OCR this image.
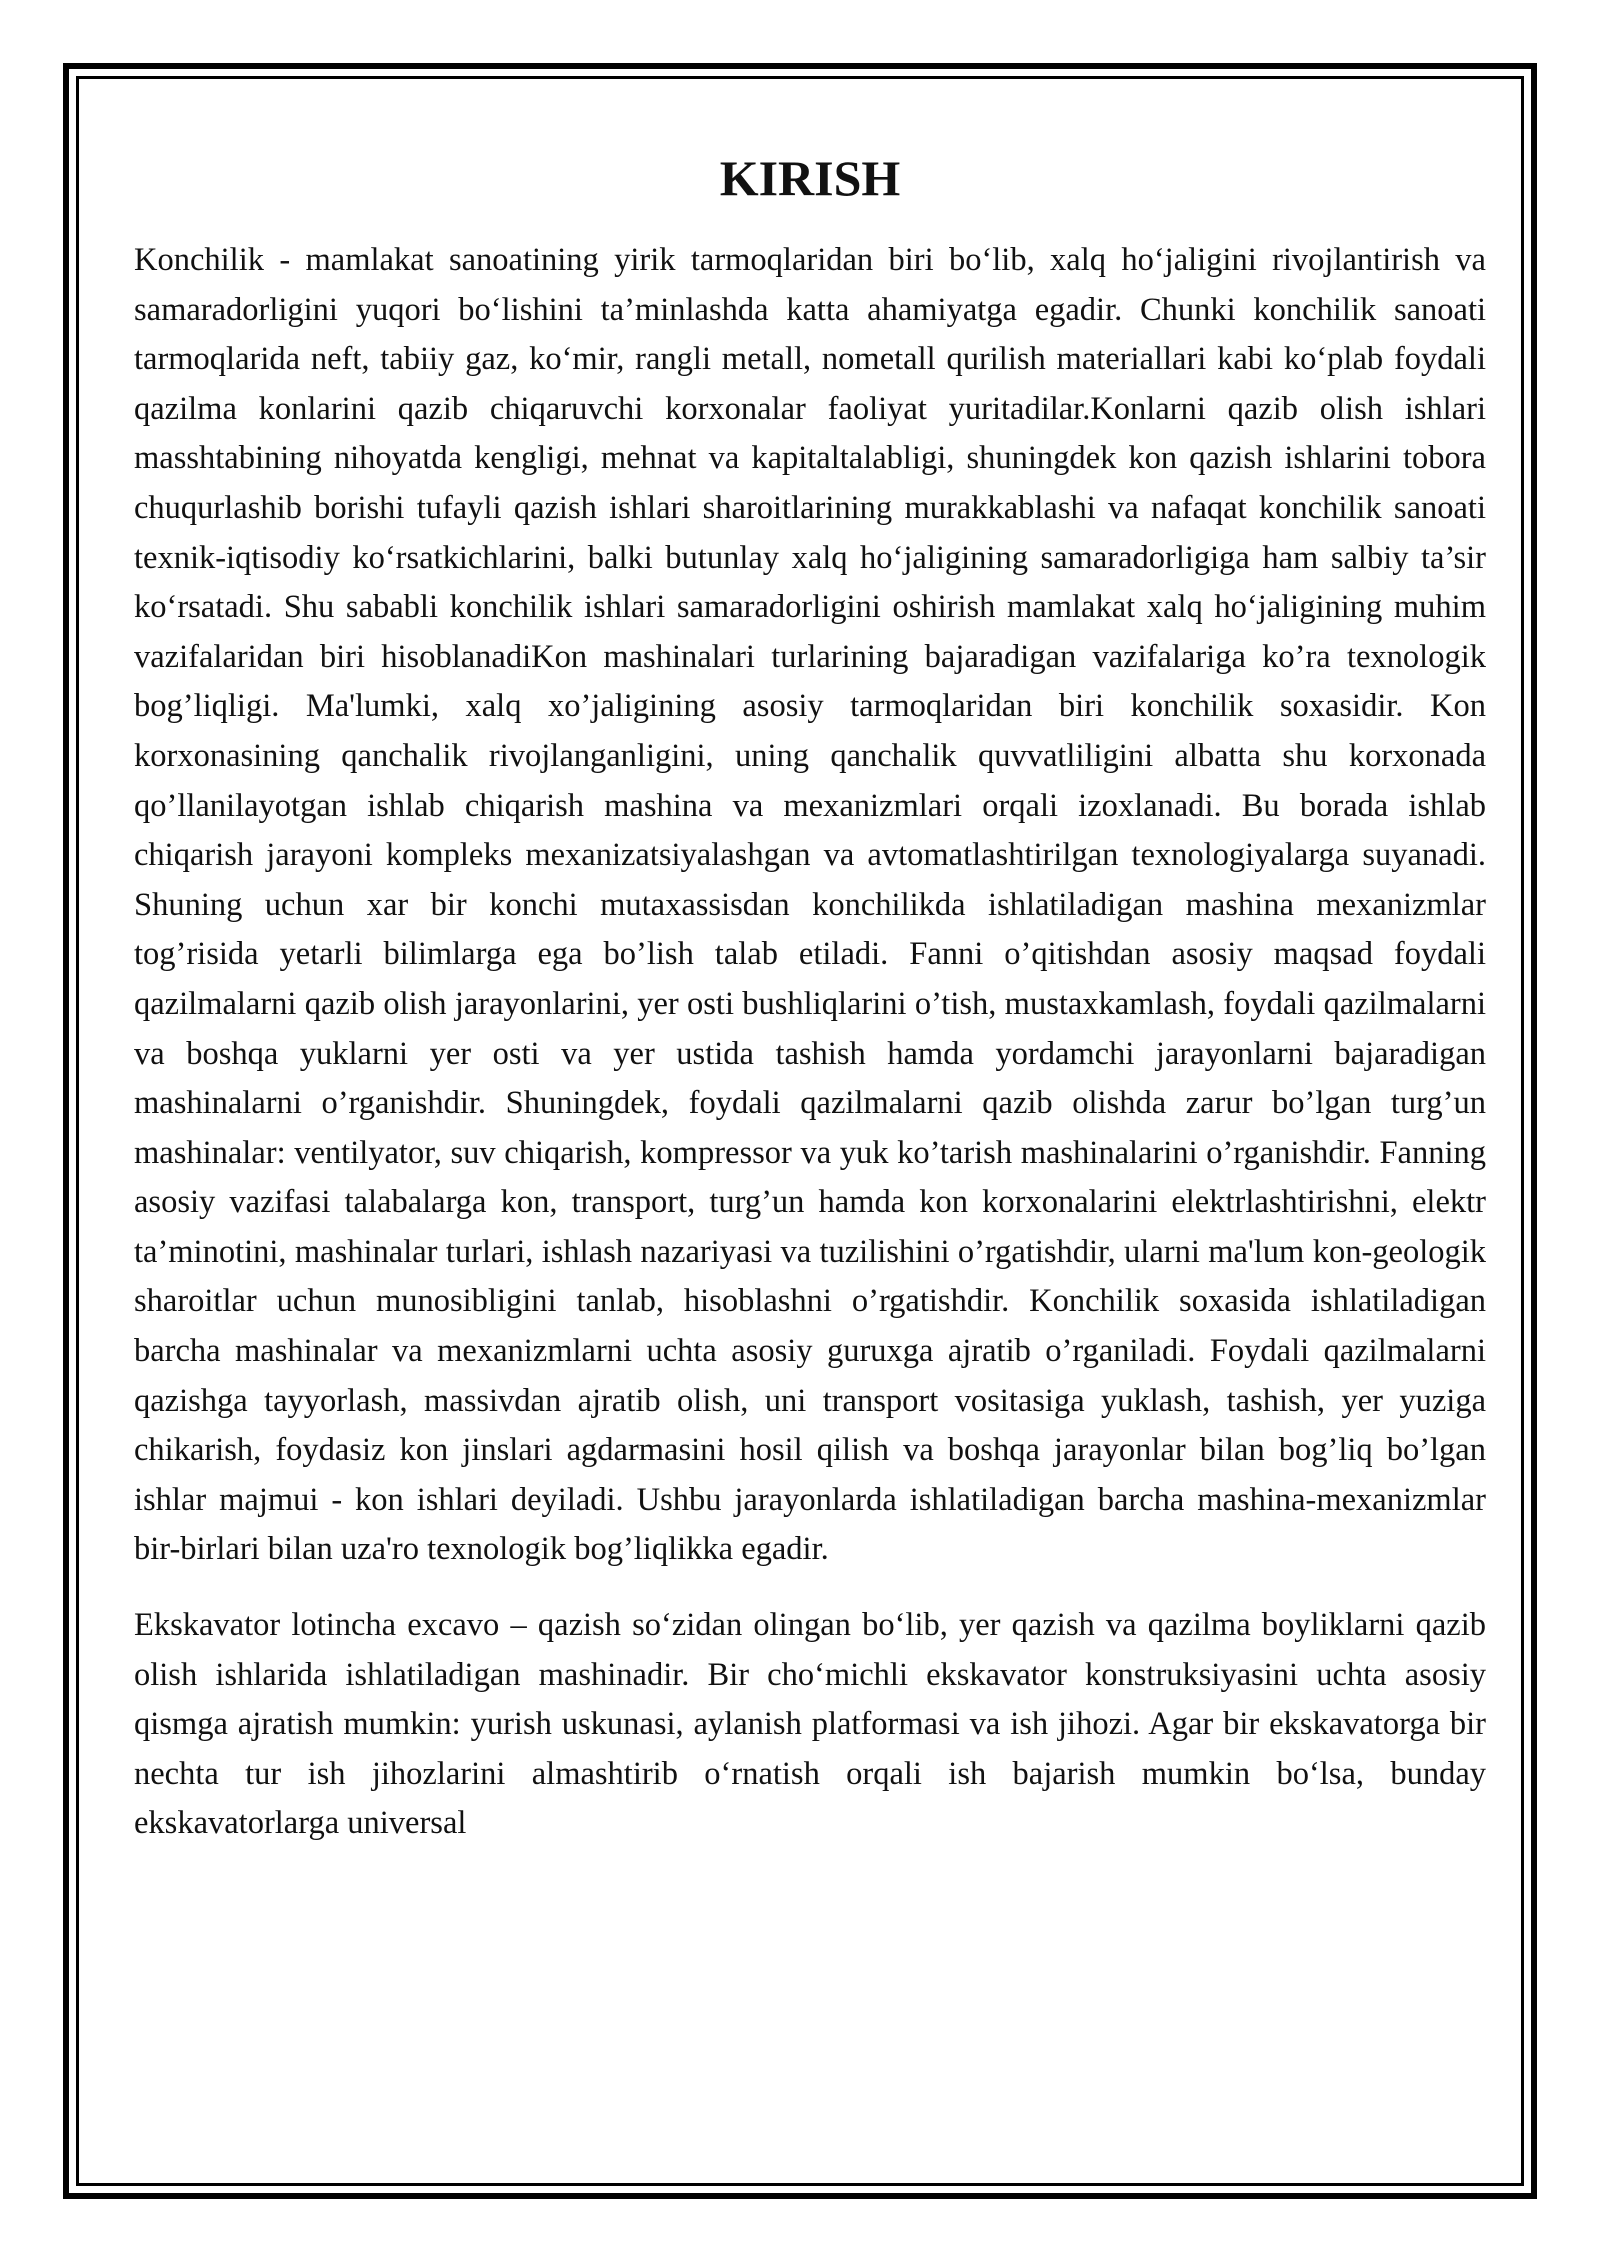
KIRISH

Konchilik - mamlakat sanoatining yirik tarmoqlaridan biri bo‘lib, xalq ho‘jaligini rivojlantirish va samaradorligini yuqori bo‘lishini ta’minlashda katta ahamiyatga egadir. Chunki konchilik sanoati tarmoqlarida neft, tabiiy gaz, ko‘mir, rangli metall, nometall qurilish materiallari kabi ko‘plab foydali qazilma konlarini qazib chiqaruvchi korxonalar faoliyat yuritadilar.Konlarni qazib olish ishlari masshtabining nihoyatda kengligi, mehnat va kapitaltalabligi, shuningdek kon qazish ishlarini tobora chuqurlashib borishi tufayli qazish ishlari sharoitlarining murakkablashi va nafaqat konchilik sanoati texnik-iqtisodiy ko‘rsatkichlarini, balki butunlay xalq ho‘jaligining samaradorligiga ham salbiy ta’sir ko‘rsatadi. Shu sababli konchilik ishlari samaradorligini oshirish mamlakat xalq ho‘jaligining muhim vazifalaridan biri hisoblanadiKon mashinalari turlarining bajaradigan vazifalariga ko’ra texnologik bog’liqligi. Ma'lumki, xalq xo’jaligining asosiy tarmoqlaridan biri konchilik soxasidir. Kon korxonasining qanchalik rivojlanganligini, uning qanchalik quvvatliligini albatta shu korxonada qo’llanilayotgan ishlab chiqarish mashina va mexanizmlari orqali izoxlanadi. Bu borada ishlab chiqarish jarayoni kompleks mexanizatsiyalashgan va avtomatlashtirilgan texnologiyalarga suyanadi. Shuning uchun xar bir konchi mutaxassisdan konchilikda ishlatiladigan mashina mexanizmlar tog’risida yetarli bilimlarga ega bo’lish talab etiladi. Fanni o’qitishdan asosiy maqsad foydali qazilmalarni qazib olish jarayonlarini, yer osti bushliqlarini o’tish, mustaxkamlash, foydali qazilmalarni va boshqa yuklarni yer osti va yer ustida tashish hamda yordamchi jarayonlarni bajaradigan mashinalarni o’rganishdir. Shuningdek, foydali qazilmalarni qazib olishda zarur bo’lgan turg’un mashinalar: ventilyator, suv chiqarish, kompressor va yuk ko’tarish mashinalarini o’rganishdir. Fanning asosiy vazifasi talabalarga kon, transport, turg’un hamda kon korxonalarini elektrlashtirishni, elektr ta’minotini, mashinalar turlari, ishlash nazariyasi va tuzilishini o’rgatishdir, ularni ma'lum kon-geologik sharoitlar uchun munosibligini tanlab, hisoblashni o’rgatishdir. Konchilik soxasida ishlatiladigan barcha mashinalar va mexanizmlarni uchta asosiy guruxga ajratib o’rganiladi. Foydali qazilmalarni qazishga tayyorlash, massivdan ajratib olish, uni transport vositasiga yuklash, tashish, yer yuziga chikarish, foydasiz kon jinslari agdarmasini hosil qilish va boshqa jarayonlar bilan bog’liq bo’lgan ishlar majmui - kon ishlari deyiladi. Ushbu jarayonlarda ishlatiladigan barcha mashina-mexanizmlar bir-birlari bilan uza'ro texnologik bog’liqlikka egadir.

Ekskavator lotincha excavo – qazish so‘zidan olingan bo‘lib, yer qazish va qazilma boyliklarni qazib olish ishlarida ishlatiladigan mashinadir. Bir cho‘michli ekskavator konstruksiyasini uchta asosiy qismga ajratish mumkin: yurish uskunasi, aylanish platformasi va ish jihozi. Agar bir ekskavatorga bir nechta tur ish jihozlarini almashtirib o‘rnatish orqali ish bajarish mumkin bo‘lsa, bunday ekskavatorlarga universal
